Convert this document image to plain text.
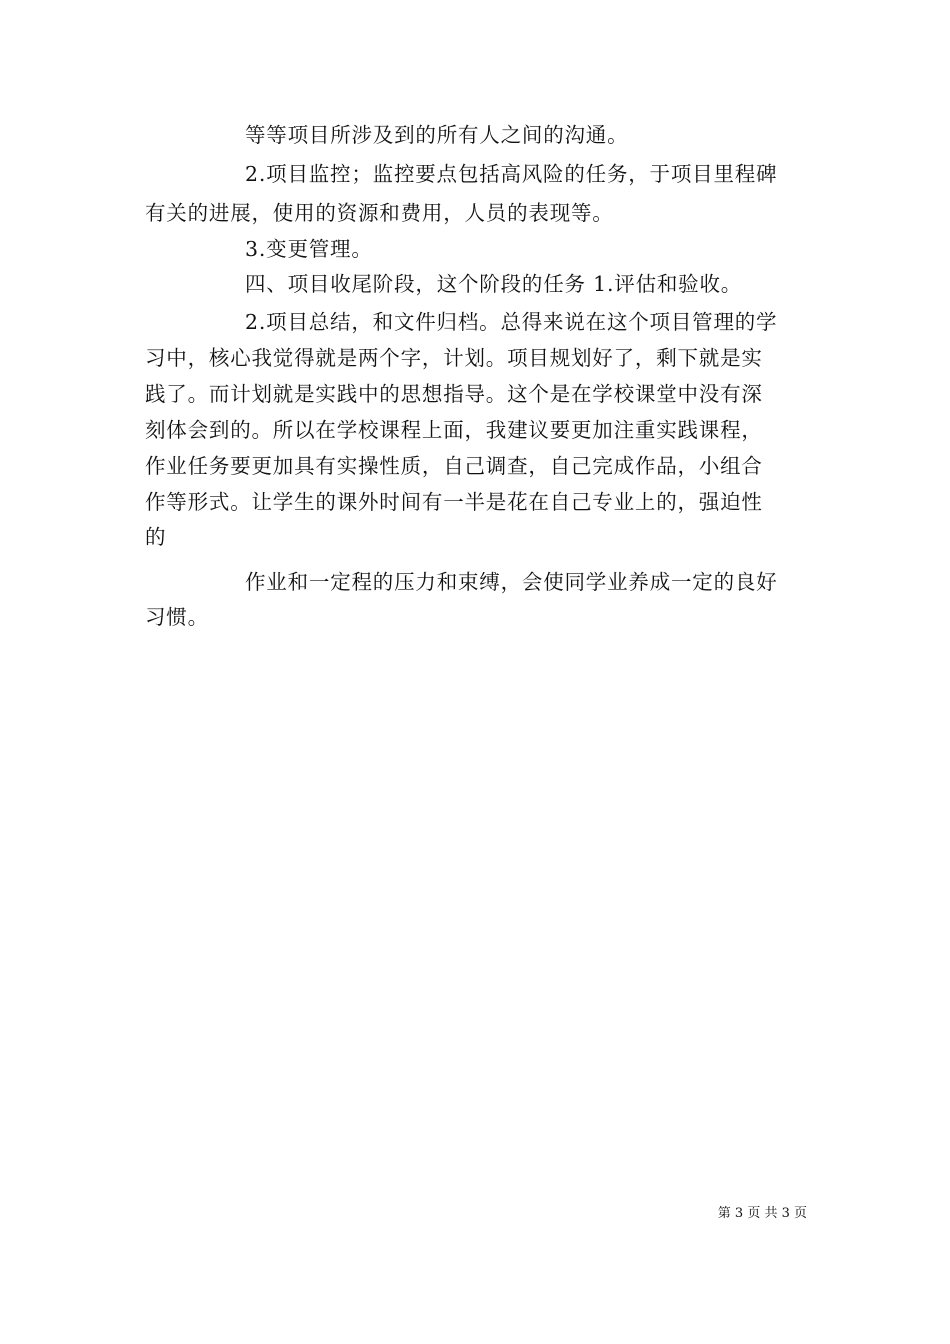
等等项目所涉及到的所有人之间的沟通。
2.项目监控；监控要点包括高风险的任务，于项目里程碑
有关的进展，使用的资源和费用，人员的表现等。
3.变更管理。
四、项目收尾阶段，这个阶段的任务 1.评估和验收。
2.项目总结，和文件归档。总得来说在这个项目管理的学
习中，核心我觉得就是两个字，计划。项目规划好了，剩下就是实
践了。而计划就是实践中的思想指导。这个是在学校课堂中没有深
刻体会到的。所以在学校课程上面，我建议要更加注重实践课程，
作业任务要更加具有实操性质，自己调查，自己完成作品，小组合
作等形式。让学生的课外时间有一半是花在自己专业上的，强迫性
的
作业和一定程的压力和束缚，会使同学业养成一定的良好
习惯。
第 3 页 共 3 页
